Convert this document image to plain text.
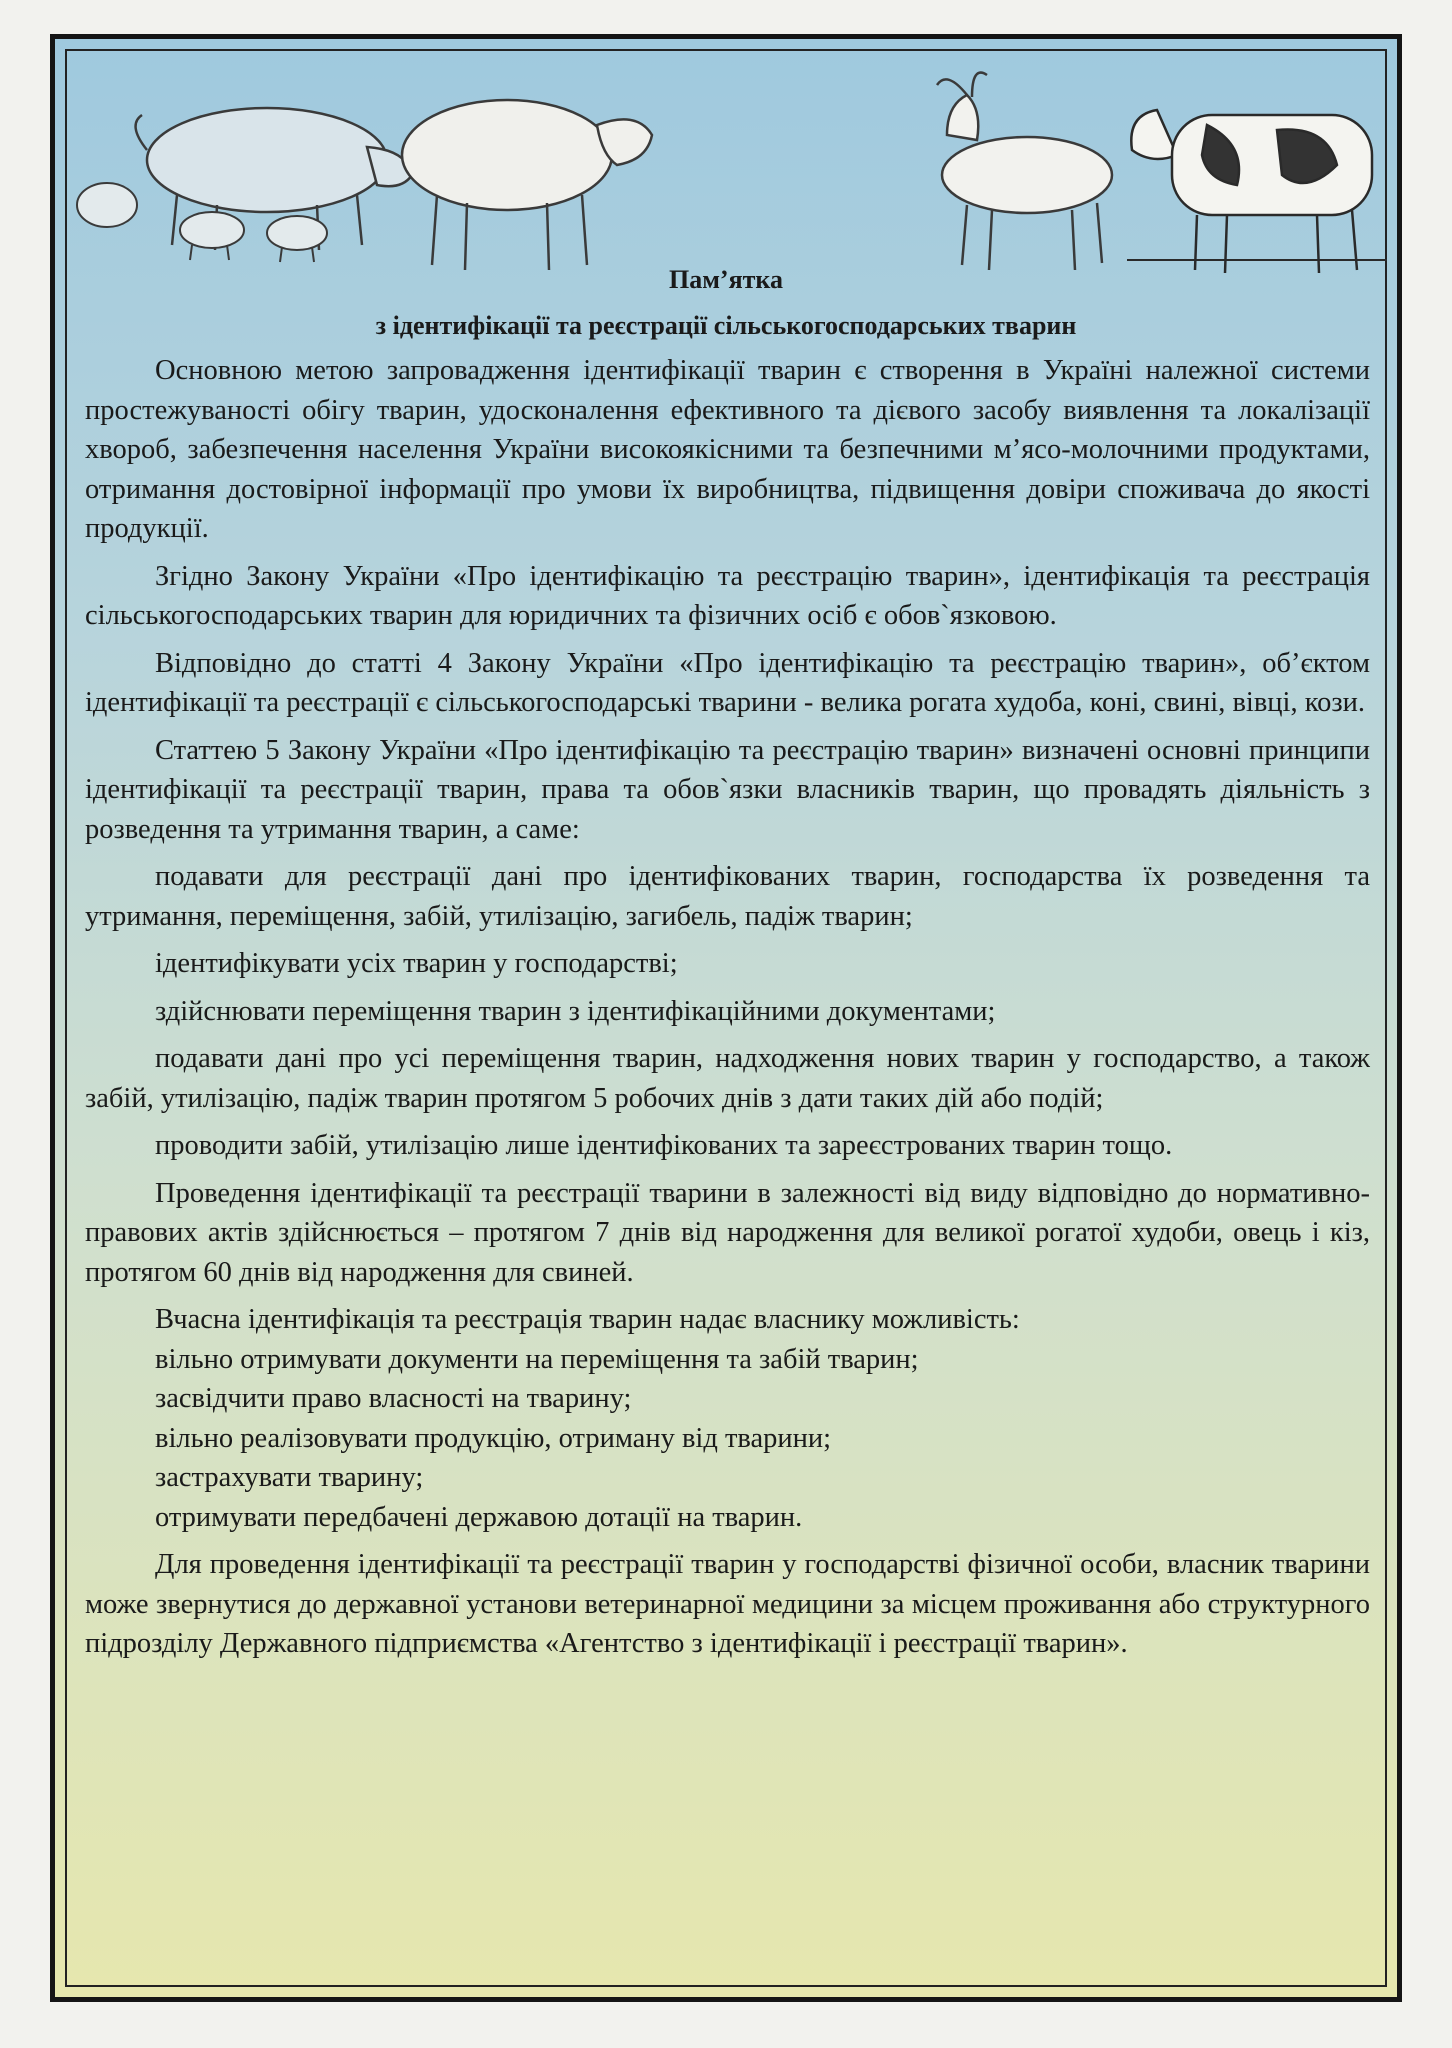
Пам’ятка
з ідентифікації та реєстрації сільськогосподарських тварин

Основною метою запровадження ідентифікації тварин є створення в Україні належної системи простежуваності обігу тварин, удосконалення ефективного та дієвого засобу виявлення та локалізації хвороб, забезпечення населення України високоякісними та безпечними м’ясо-молочними продуктами, отримання достовірної інформації про умови їх виробництва, підвищення довіри споживача до якості продукції.

Згідно Закону України «Про ідентифікацію та реєстрацію тварин», ідентифікація та реєстрація сільськогосподарських тварин для юридичних та фізичних осіб є обов`язковою.

Відповідно до статті 4 Закону України «Про ідентифікацію та реєстрацію тварин», об’єктом ідентифікації та реєстрації є сільськогосподарські тварини - велика рогата худоба, коні, свині, вівці, кози.

Статтею 5 Закону України «Про ідентифікацію та реєстрацію тварин» визначені основні принципи ідентифікації та реєстрації тварин, права та обов`язки власників тварин, що провадять діяльність з розведення та утримання тварин, а саме:

подавати для реєстрації дані про ідентифікованих тварин, господарства їх розведення та утримання, переміщення, забій, утилізацію, загибель, падіж тварин;

ідентифікувати усіх тварин у господарстві;

здійснювати переміщення тварин з ідентифікаційними документами;

подавати дані про усі переміщення тварин, надходження нових тварин у господарство, а також забій, утилізацію, падіж тварин протягом 5 робочих днів з дати таких дій або подій;

проводити забій, утилізацію лише ідентифікованих та зареєстрованих тварин тощо.

Проведення ідентифікації та реєстрації тварини в залежності від виду відповідно до нормативно-правових актів здійснюється – протягом 7 днів від народження для великої рогатої худоби, овець і кіз, протягом 60 днів від народження для свиней.

Вчасна ідентифікація та реєстрація тварин надає власнику можливість:

вільно отримувати документи на переміщення та забій тварин;

засвідчити право власності на тварину;

вільно реалізовувати продукцію, отриману від тварини;

застрахувати тварину;

отримувати передбачені державою дотації на тварин.

Для проведення ідентифікації та реєстрації тварин у господарстві фізичної особи, власник тварини може звернутися до державної установи ветеринарної медицини за місцем проживання або структурного підрозділу Державного підприємства «Агентство з ідентифікації і реєстрації тварин».
